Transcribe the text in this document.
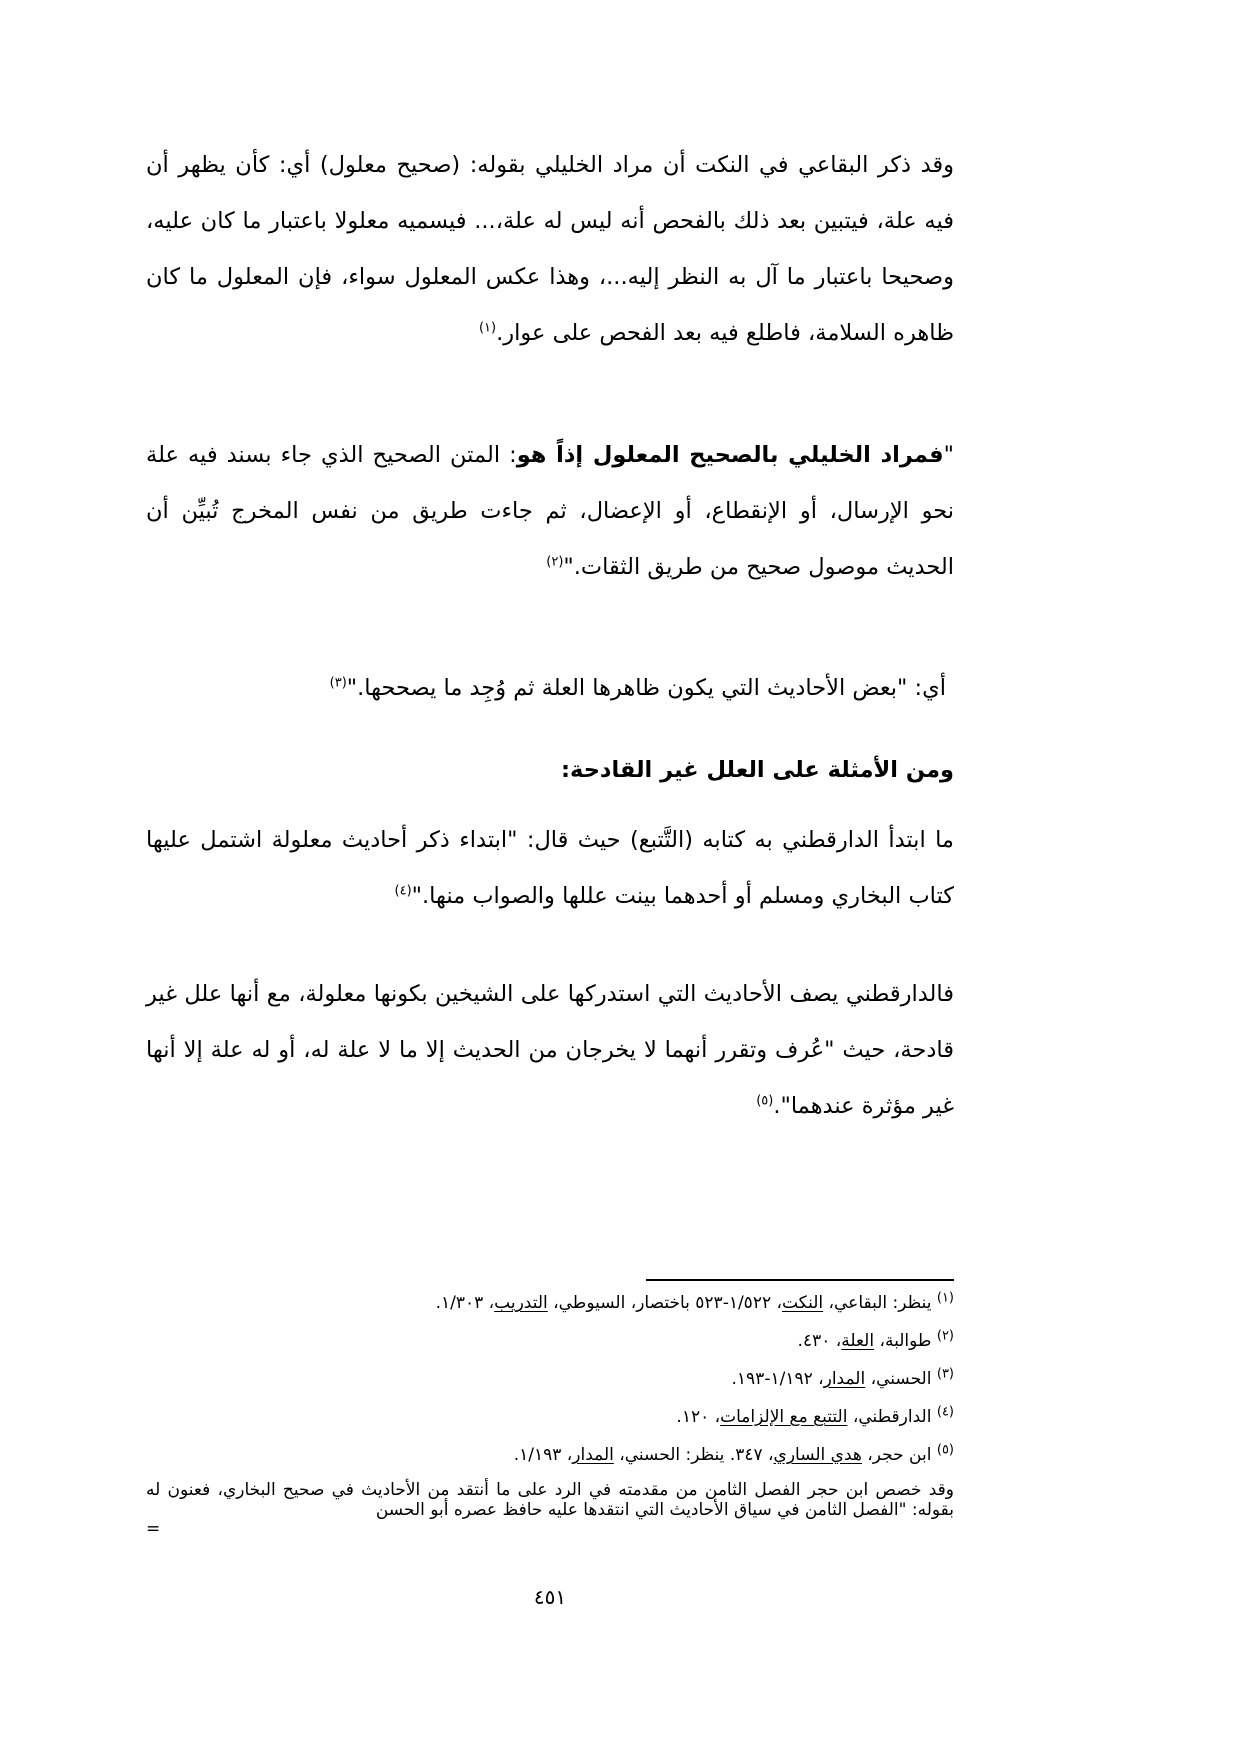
وقد ذكر البقاعي في النكت أن مراد الخليلي بقوله: (صحيح معلول) أي: كأن يظهر أن فيه علة، فيتبين بعد ذلك بالفحص أنه ليس له علة،... فيسميه معلولا باعتبار ما كان عليه، وصحيحا باعتبار ما آل به النظر إليه...، وهذا عكس المعلول سواء، فإن المعلول ما كان ظاهره السلامة، فاطلع فيه بعد الفحص على عوار.$^{(١)}$

"فمراد الخليلي بالصحيح المعلول إذاً هو: المتن الصحيح الذي جاء بسند فيه علة نحو الإرسال، أو الإنقطاع، أو الإعضال، ثم جاءت طريق من نفس المخرج تُبيِّن أن الحديث موصول صحيح من طريق الثقات."$^{(٢)}$

أي: "بعض الأحاديث التي يكون ظاهرها العلة ثم وُجِد ما يصححها."$^{(٣)}$

ومن الأمثلة على العلل غير القادحة:

ما ابتدأ الدارقطني به كتابه (التَّتبع) حيث قال: "ابتداء ذكر أحاديث معلولة اشتمل عليها كتاب البخاري ومسلم أو أحدهما بينت عللها والصواب منها."$^{(٤)}$

فالدارقطني يصف الأحاديث التي استدركها على الشيخين بكونها معلولة، مع أنها علل غير قادحة، حيث "عُرف وتقرر أنهما لا يخرجان من الحديث إلا ما لا علة له، أو له علة إلا أنها غير مؤثرة عندهما".$^{(٥)}$

$^{(١)}$ ينظر: البقاعي، النكت، ١/٥٢٢-٥٢٣ باختصار، السيوطي، التدريب، ١/٣٠٣.
$^{(٢)}$ طوالبة، العلة، ٤٣٠.
$^{(٣)}$ الحسني، المدار، ١/١٩٢-١٩٣.
$^{(٤)}$ الدارقطني، التتبع مع الإلزامات، ١٢٠.
$^{(٥)}$ ابن حجر، هدي الساري، ٣٤٧. ينظر: الحسني، المدار، ١/١٩٣.
وقد خصص ابن حجر الفصل الثامن من مقدمته في الرد على ما أنتقد من الأحاديث في صحيح البخاري، فعنون له بقوله: "الفصل الثامن في سياق الأحاديث التي انتقدها عليه حافظ عصره أبو الحسن
=
٤٥١
